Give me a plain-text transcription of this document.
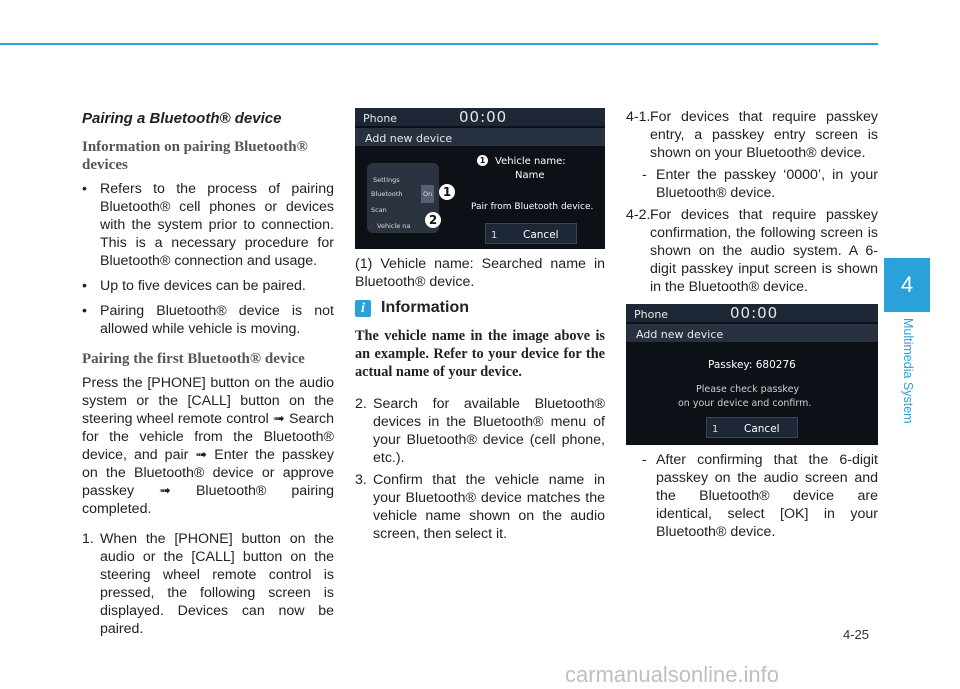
Pairing a Bluetooth® device

Information on pairing Bluetooth® devices

• Refers to the process of pairing Bluetooth® cell phones or devices with the system prior to connection. This is a necessary procedure for Bluetooth® connection and usage.
• Up to five devices can be paired.
• Pairing Bluetooth® device is not allowed while vehicle is moving.

Pairing the first Bluetooth® device

Press the [PHONE] button on the audio system or the [CALL] button on the steering wheel remote control ➟ Search for the vehicle from the Bluetooth® device, and pair ➟ Enter the passkey on the Bluetooth® device or approve passkey ➟ Bluetooth® pairing completed.

1. When the [PHONE] button on the audio or the [CALL] button on the steering wheel remote control is pressed, the following screen is displayed. Devices can now be paired.
Phone	00:00
Add new device
Settings
Bluetooth	On
Scan
Vehicle na
1
2
1 Vehicle name:
Name
Pair from Bluetooth device.
1 Cancel
(1) Vehicle name: Searched name in Bluetooth® device.
i	Information

The vehicle name in the image above is an example. Refer to your device for the actual name of your device.

2. Search for available Bluetooth® devices in the Bluetooth® menu of your Bluetooth® device (cell phone, etc.).
3. Confirm that the vehicle name in your Bluetooth® device matches the vehicle name shown on the audio screen, then select it.
4-1. For devices that require passkey entry, a passkey entry screen is shown on your Bluetooth® device.
- Enter the passkey ‘0000’, in your Bluetooth® device.
4-2. For devices that require passkey confirmation, the following screen is shown on the audio system. A 6-digit passkey input screen is shown in the Bluetooth® device.
Phone	00:00
Add new device
Passkey: 680276
Please check passkey
on your device and confirm.
1 Cancel
- After confirming that the 6-digit passkey on the audio screen and the Bluetooth® device are identical, select [OK] in your Bluetooth® device.
4
Multimedia System
4-25
carmanualsonline.info
